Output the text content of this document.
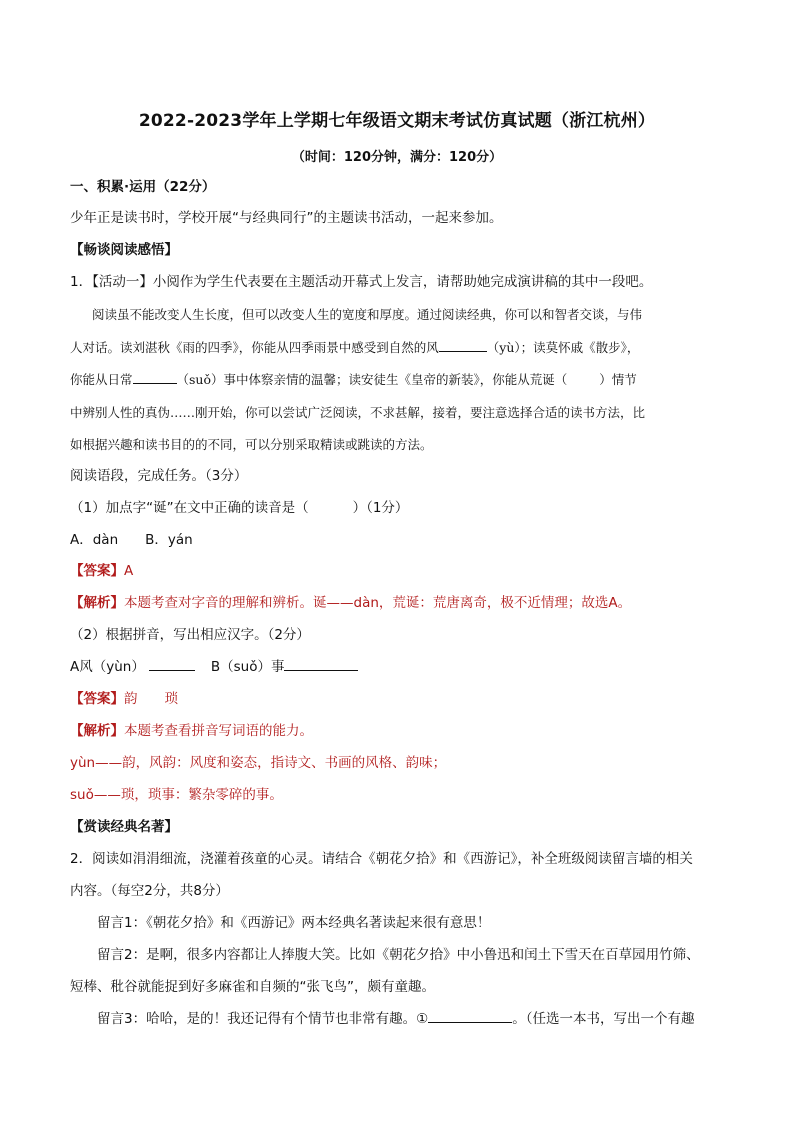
2022-2023学年上学期七年级语文期末考试仿真试题（浙江杭州）
（时间：120分钟，满分：120分）
一、积累·运用（22分）
少年正是读书时，学校开展“与经典同行”的主题读书活动，一起来参加。
【畅谈阅读感悟】
1．【活动一】小阅作为学生代表要在主题活动开幕式上发言，请帮助她完成演讲稿的其中一段吧。
阅读虽不能改变人生长度，但可以改变人生的宽度和厚度。通过阅读经典，你可以和智者交谈，与伟
人对话。读刘湛秋《雨的四季》，你能从四季雨景中感受到自然的风	（yù）；读莫怀戚《散步》，
你能从日常	（suǒ）事中体察亲情的温馨；读安徒生《皇帝的新装》，你能从荒诞（	）情节
中辨别人性的真伪……刚开始，你可以尝试广泛阅读，不求甚解，接着，要注意选择合适的读书方法，比
如根据兴趣和读书目的的不同，可以分别采取精读或跳读的方法。
阅读语段，完成任务。（3分）
（1）加点字“诞”在文中正确的读音是（	）（1分）
A．dàn　　B．yán
【答案】A
【解析】本题考查对字音的理解和辨析。诞——dàn，荒诞：荒唐离奇，极不近情理；故选A。
（2）根据拼音，写出相应汉字。（2分）
A风（yùn）	B（suǒ）事
【答案】韵　　琐
【解析】本题考查看拼音写词语的能力。
yùn——韵，风韵：风度和姿态，指诗文、书画的风格、韵味；
suǒ——琐，琐事：繁杂零碎的事。
【赏读经典名著】
2．阅读如涓涓细流，浇灌着孩童的心灵。请结合《朝花夕拾》和《西游记》，补全班级阅读留言墙的相关
内容。（每空2分，共8分）
留言1：《朝花夕拾》和《西游记》两本经典名著读起来很有意思！
留言2：是啊，很多内容都让人捧腹大笑。比如《朝花夕拾》中小鲁迅和闰土下雪天在百草园用竹筛、
短棒、秕谷就能捉到好多麻雀和自频的“张飞鸟”，颇有童趣。
留言3：哈哈，是的！我还记得有个情节也非常有趣。①	。（任选一本书，写出一个有趣
